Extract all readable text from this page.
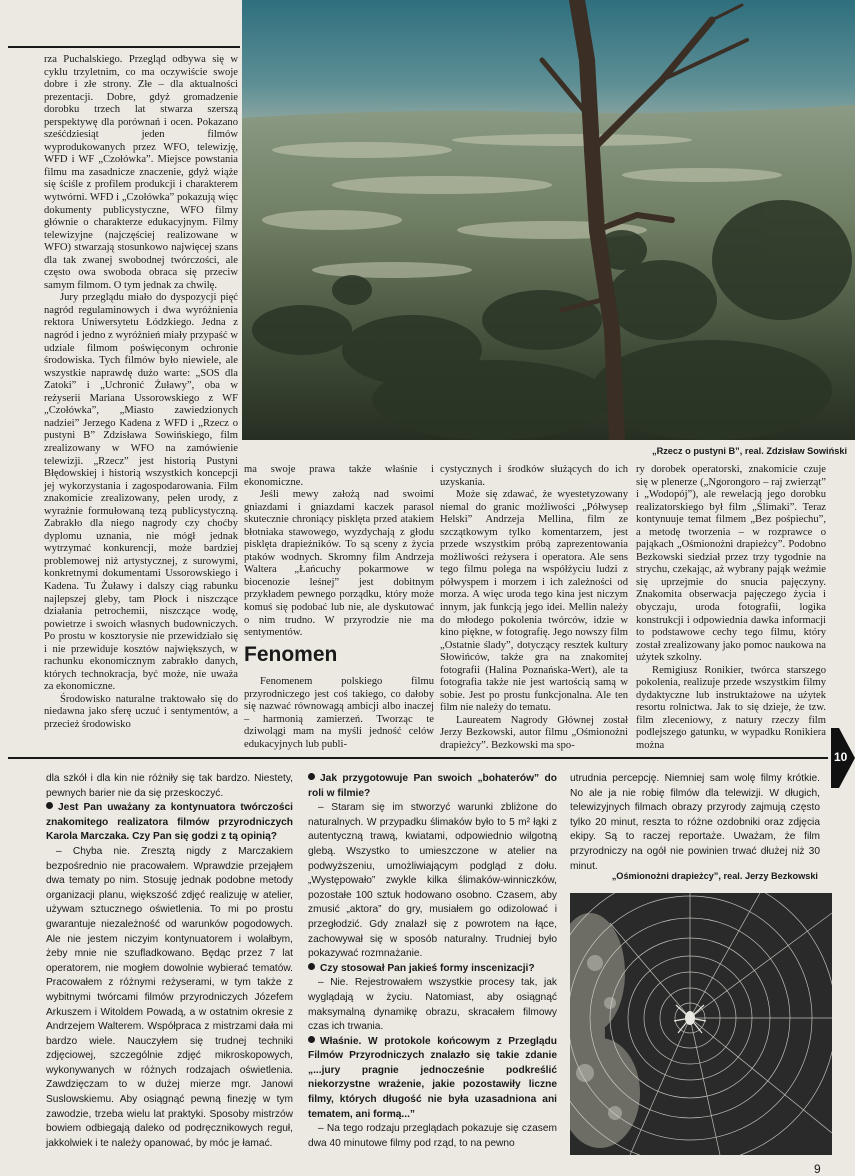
rza Puchalskiego. Przegląd odbywa się w cyklu trzyletnim, co ma oczywiście swoje dobre i złe strony. Złe – dla aktualności prezentacji. Dobre, gdyż gromadzenie dorobku trzech lat stwarza szerszą perspektywę dla porównań i ocen. Pokazano sześćdziesiąt jeden filmów wyprodukowanych przez WFO, telewizję, WFD i WF „Czołówka”. Miejsce powstania filmu ma zasadnicze znaczenie, gdyż wiąże się ściśle z profilem produkcji i charakterem wytwórni. WFD i „Czołówka” pokazują więc dokumenty publicystyczne, WFO filmy głównie o charakterze edukacyjnym. Filmy telewizyjne (najczęściej realizowane w WFO) stwarzają stosunkowo najwięcej szans dla tak zwanej swobodnej twórczości, ale często owa swoboda obraca się przeciw samym filmom. O tym jednak za chwilę.

Jury przeglądu miało do dyspozycji pięć nagród regulaminowych i dwa wyróżnienia rektora Uniwersytetu Łódzkiego. Jedna z nagród i jedno z wyróżnień miały przypaść w udziale filmom poświęconym ochronie środowiska. Tych filmów było niewiele, ale wszystkie naprawdę dużo warte: „SOS dla Zatoki” i „Uchronić Żuławy”, oba w reżyserii Mariana Ussorowskiego z WF „Czołówka”, „Miasto zawiedzionych nadziei” Jerzego Kadena z WFD i „Rzecz o pustyni B” Zdzisława Sowińskiego, film zrealizowany w WFO na zamówienie telewizji. „Rzecz” jest historią Pustyni Błędowskiej i historią wszystkich koncepcji jej wykorzystania i zagospodarowania. Film znakomicie zrealizowany, pełen urody, z wyraźnie formułowaną tezą publicystyczną. Zabrakło dla niego nagrody czy choćby dyplomu uznania, nie mógł jednak wytrzymać konkurencji, może bardziej problemowej niż artystycznej, z surowymi, konkretnymi dokumentami Ussorowskiego i Kadena. Tu Żuławy i dalszy ciąg rabunku najlepszej gleby, tam Płock i niszczące działania petrochemii, niszczące wodę, powietrze i swoich własnych budowniczych. Po prostu w kosztorysie nie przewidziało się i nie przewiduje kosztów największych, w rachunku ekonomicznym zabrakło danych, których technokracja, być może, nie uważa za ekonomiczne.

Środowisko naturalne traktowało się do niedawna jako sferę uczuć i sentymentów, a przecież środowisko

„Rzecz o pustyni B”, real. Zdzisław Sowiński

ma swoje prawa także właśnie i ekonomiczne.

Jeśli mewy założą nad swoimi gniazdami i gniazdami kaczek parasol skutecznie chroniący pisklęta przed atakiem błotniaka stawowego, wyzdychają z głodu pisklęta drapieżników. To są sceny z życia ptaków wodnych. Skromny film Andrzeja Waltera „Łańcuchy pokarmowe w biocenozie leśnej” jest dobitnym przykładem pewnego porządku, który może komuś się podobać lub nie, ale dyskutować o nim trudno. W przyrodzie nie ma sentymentów.

Fenomen

Fenomenem polskiego filmu przyrodniczego jest coś takiego, co dałoby się nazwać równowagą ambicji albo inaczej – harmonią zamierzeń. Tworząc te dziwolągi mam na myśli jedność celów edukacyjnych lub publi-

cystycznych i środków służących do ich uzyskania.

Może się zdawać, że wyestetyzowany niemal do granic możliwości „Półwysep Helski” Andrzeja Mellina, film ze szczątkowym tylko komentarzem, jest przede wszystkim próbą zaprezentowania możliwości reżysera i operatora. Ale sens tego filmu polega na współżyciu ludzi z półwyspem i morzem i ich zależności od morza. A więc uroda tego kina jest niczym innym, jak funkcją jego idei. Mellin należy do młodego pokolenia twórców, idzie w kino piękne, w fotografię. Jego nowszy film „Ostatnie ślady”, dotyczący resztek kultury Słowińców, także gra na znakomitej fotografii (Halina Poznańska-Wert), ale ta fotografia także nie jest wartością samą w sobie. Jest po prostu funkcjonalna. Ale ten film nie należy do tematu.

Laureatem Nagrody Głównej został Jerzy Bezkowski, autor filmu „Ośmionożni drapieżcy”. Bezkowski ma spo-

ry dorobek operatorski, znakomicie czuje się w plenerze („Ngorongoro – raj zwierząt” i „Wodopój”), ale rewelacją jego dorobku realizatorskiego był film „Ślimaki”. Teraz kontynuuje temat filmem „Bez pośpiechu”, a metodę tworzenia – w rozprawce o pająkach „Ośmionożni drapieżcy”. Podobno Bezkowski siedział przez trzy tygodnie na strychu, czekając, aż wybrany pająk weźmie się uprzejmie do snucia pajęczyny. Znakomita obserwacja pajęczego życia i obyczaju, uroda fotografii, logika konstrukcji i odpowiednia dawka informacji to podstawowe cechy tego filmu, który został zrealizowany jako pomoc naukowa na użytek szkolny.

Remigiusz Ronikier, twórca starszego pokolenia, realizuje przede wszystkim filmy dydaktyczne lub instruktażowe na użytek resortu rolnictwa. Jak to się dzieje, że tzw. film zleceniowy, z natury rzeczy film podlejszego gatunku, w wypadku Ronikiera można

10

dla szkół i dla kin nie różniły się tak bardzo. Niestety, pewnych barier nie da się przeskoczyć.

Jest Pan uważany za kontynuatora twórczości znakomitego realizatora filmów przyrodniczych Karola Marczaka. Czy Pan się godzi z tą opinią?

– Chyba nie. Zresztą nigdy z Marczakiem bezpośrednio nie pracowałem. Wprawdzie przejąłem dwa tematy po nim. Stosuję jednak podobne metody organizacji planu, większość zdjęć realizuję w atelier, używam sztucznego oświetlenia. To mi po prostu gwarantuje niezależność od warunków pogodowych. Ale nie jestem niczyim kontynuatorem i wolałbym, żeby mnie nie szufladkowano. Będąc przez 7 lat operatorem, nie mogłem dowolnie wybierać tematów. Pracowałem z różnymi reżyserami, w tym także z wybitnymi twórcami filmów przyrodniczych Józefem Arkuszem i Witoldem Powadą, a w ostatnim okresie z Andrzejem Walterem. Współpraca z mistrzami dała mi bardzo wiele. Nauczyłem się trudnej techniki zdjęciowej, szczególnie zdjęć mikroskopowych, wykonywanych w różnych rodzajach oświetlenia. Zawdzięczam to w dużej mierze mgr. Janowi Suslowskiemu. Aby osiągnąć pewną finezję w tym zawodzie, trzeba wielu lat praktyki. Sposoby mistrzów bowiem odbiegają daleko od podręcznikowych reguł, jakkolwiek i te należy opanować, by móc je łamać.

Jak przygotowuje Pan swoich „bohaterów” do roli w filmie?

– Staram się im stworzyć warunki zbliżone do naturalnych. W przypadku ślimaków było to 5 m² łąki z autentyczną trawą, kwiatami, odpowiednio wilgotną glebą. Wszystko to umieszczone w atelier na podwyższeniu, umożliwiającym podgląd z dołu. „Występowało” zwykle kilka ślimaków-winniczków, pozostałe 100 sztuk hodowano osobno. Czasem, aby zmusić „aktora” do gry, musiałem go odizolować i przegłodzić. Gdy znalazł się z powrotem na łące, zachowywał się w sposób naturalny. Trudniej było pokazywać rozmnażanie.

Czy stosował Pan jakieś formy inscenizacji?

– Nie. Rejestrowałem wszystkie procesy tak, jak wyglądają w życiu. Natomiast, aby osiągnąć maksymalną dynamikę obrazu, skracałem filmowy czas ich trwania.

Właśnie. W protokole końcowym z Przeglądu Filmów Przyrodniczych znalazło się takie zdanie „...jury pragnie jednocześnie podkreślić niekorzystne wrażenie, jakie pozostawiły liczne filmy, których długość nie była uzasadniona ani tematem, ani formą...”

– Na tego rodzaju przeglądach pokazuje się czasem dwa 40 minutowe filmy pod rząd, to na pewno

utrudnia percepcję. Niemniej sam wolę filmy krótkie. No ale ja nie robię filmów dla telewizji. W długich, telewizyjnych filmach obrazy przyrody zajmują często tylko 20 minut, reszta to różne ozdobniki oraz zdjęcia ekipy. Są to raczej reportaże. Uważam, że film przyrodniczy na ogół nie powinien trwać dłużej niż 30 minut.

„Ośmionożni drapieżcy”, real. Jerzy Bezkowski
9
